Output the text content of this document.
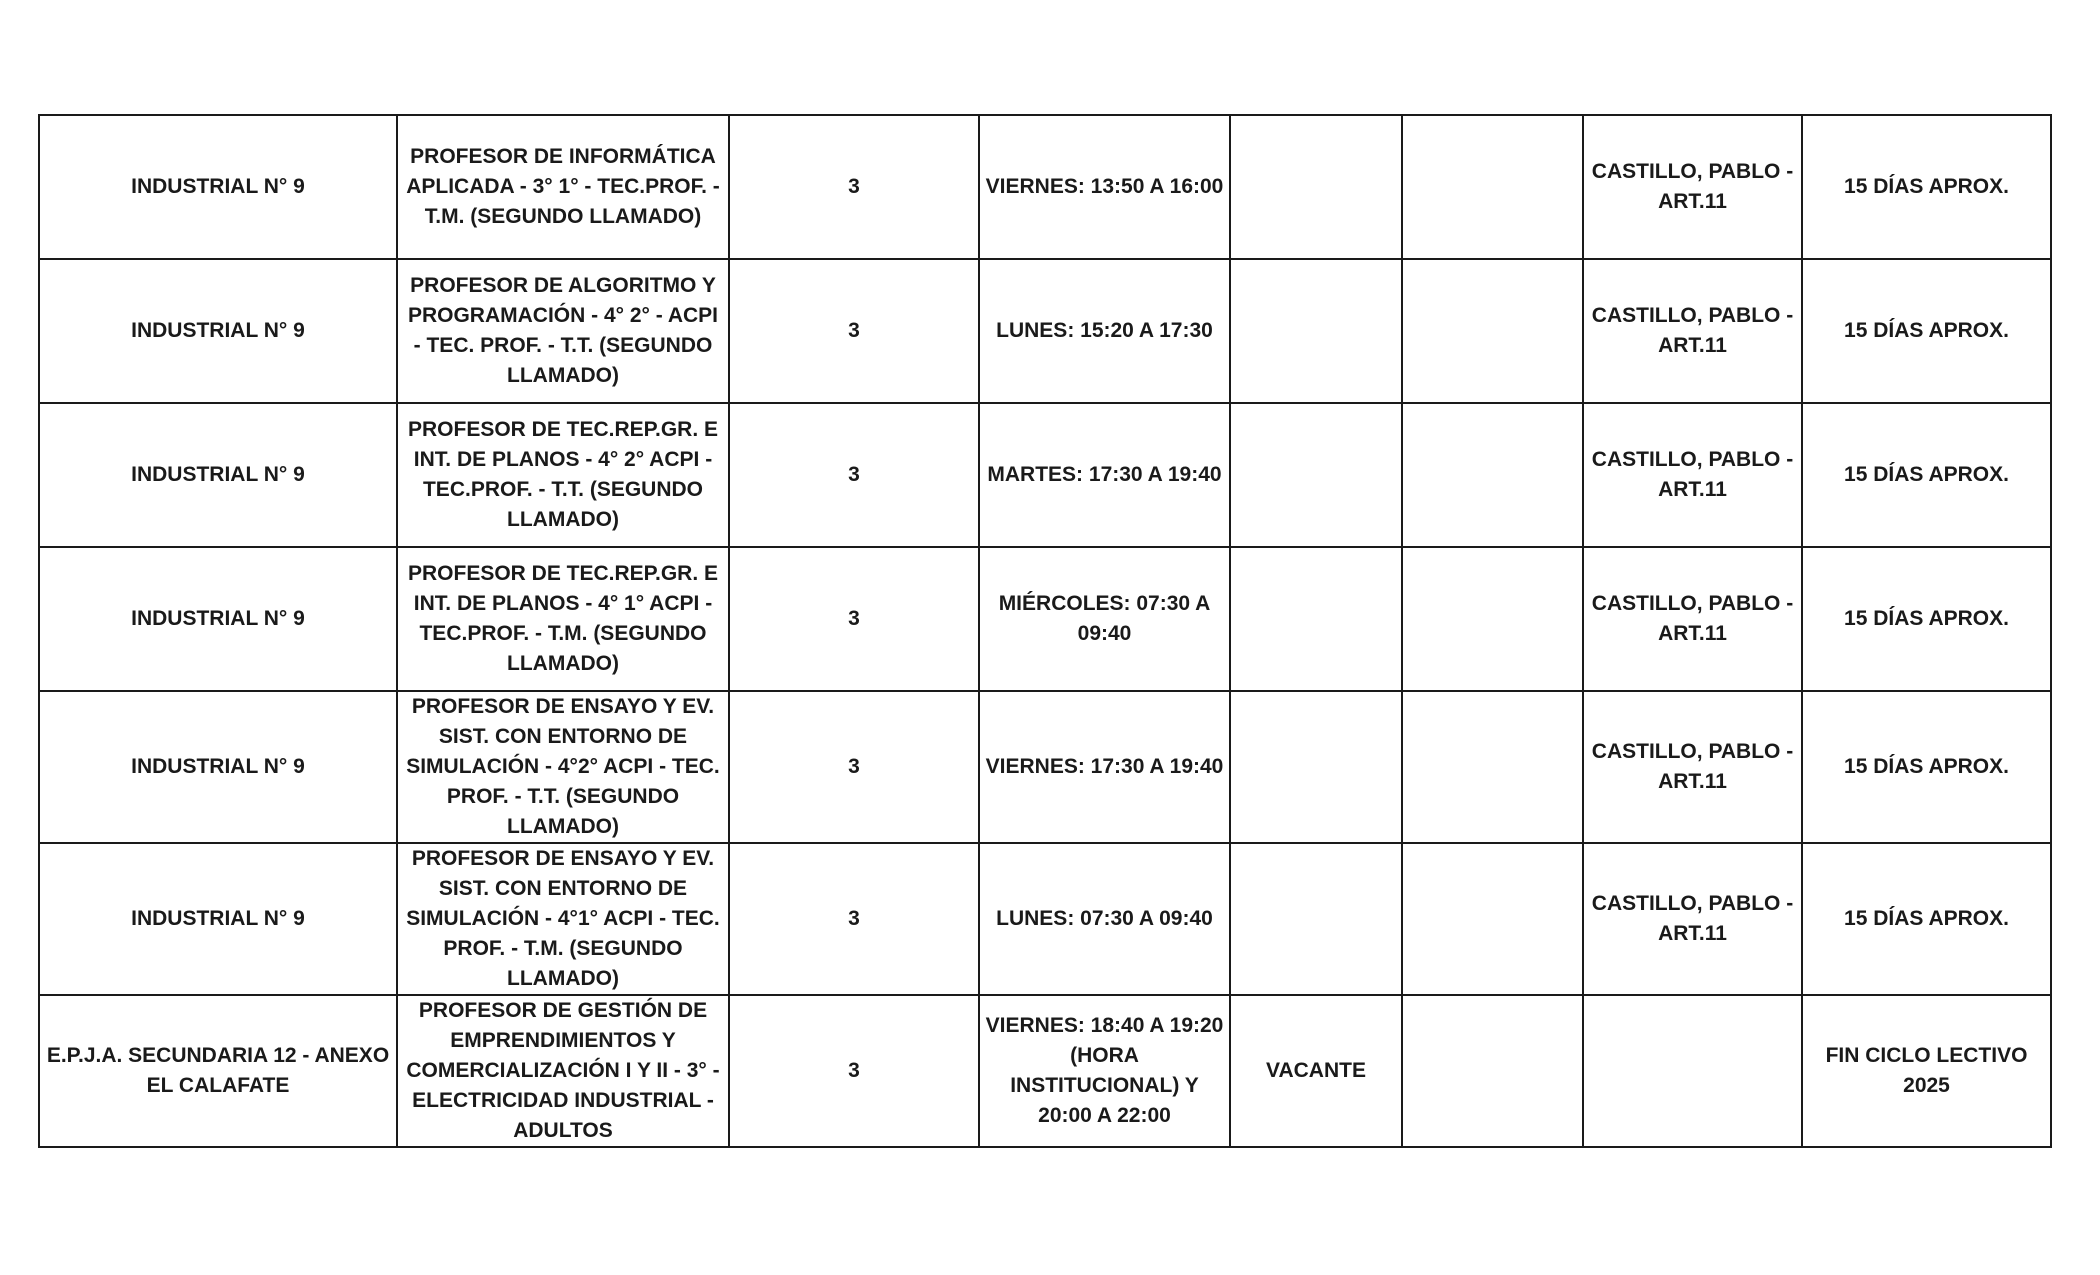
INDUSTRIAL N° 9	PROFESOR DE INFORMÁTICA APLICADA - 3° 1° - TEC.PROF. - T.M. (SEGUNDO LLAMADO)	3	VIERNES: 13:50 A 16:00			CASTILLO, PABLO - ART.11	15 DÍAS APROX.
INDUSTRIAL N° 9	PROFESOR DE ALGORITMO Y PROGRAMACIÓN - 4° 2° - ACPI - TEC. PROF. - T.T. (SEGUNDO LLAMADO)	3	LUNES: 15:20 A 17:30			CASTILLO, PABLO - ART.11	15 DÍAS APROX.
INDUSTRIAL N° 9	PROFESOR DE TEC.REP.GR. E INT. DE PLANOS - 4° 2° ACPI - TEC.PROF. - T.T. (SEGUNDO LLAMADO)	3	MARTES: 17:30 A 19:40			CASTILLO, PABLO - ART.11	15 DÍAS APROX.
INDUSTRIAL N° 9	PROFESOR DE TEC.REP.GR. E INT. DE PLANOS - 4° 1° ACPI - TEC.PROF. - T.M. (SEGUNDO LLAMADO)	3	MIÉRCOLES: 07:30 A 09:40			CASTILLO, PABLO - ART.11	15 DÍAS APROX.
INDUSTRIAL N° 9	PROFESOR DE ENSAYO Y EV. SIST. CON ENTORNO DE SIMULACIÓN - 4°2° ACPI - TEC. PROF. - T.T. (SEGUNDO LLAMADO)	3	VIERNES: 17:30 A 19:40			CASTILLO, PABLO - ART.11	15 DÍAS APROX.
INDUSTRIAL N° 9	PROFESOR DE ENSAYO Y EV. SIST. CON ENTORNO DE SIMULACIÓN - 4°1° ACPI - TEC. PROF. - T.M. (SEGUNDO LLAMADO)	3	LUNES: 07:30 A 09:40			CASTILLO, PABLO - ART.11	15 DÍAS APROX.
E.P.J.A. SECUNDARIA 12 - ANEXO EL CALAFATE	PROFESOR DE GESTIÓN DE EMPRENDIMIENTOS Y COMERCIALIZACIÓN I Y II - 3° - ELECTRICIDAD INDUSTRIAL - ADULTOS	3	VIERNES: 18:40 A 19:20 (HORA INSTITUCIONAL) Y 20:00 A 22:00	VACANTE			FIN CICLO LECTIVO 2025
